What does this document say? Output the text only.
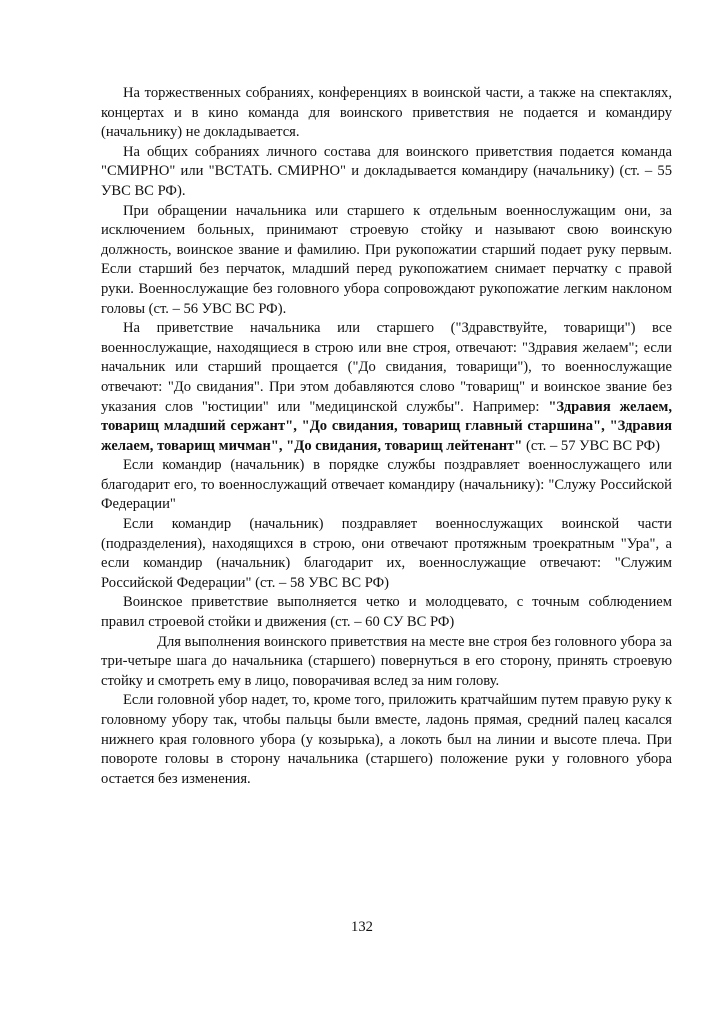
На торжественных собраниях, конференциях в воинской части, а также на спектаклях, концертах и в кино команда для воинского приветствия не подается и командиру (начальнику) не докладывается.

На общих собраниях личного состава для воинского приветствия подается команда "СМИРНО" или "ВСТАТЬ. СМИРНО" и докладывается командиру (начальнику) (ст. – 55 УВС ВС РФ).

При обращении начальника или старшего к отдельным военнослужащим они, за исключением больных, принимают строевую стойку и называют свою воинскую должность, воинское звание и фамилию. При рукопожатии старший подает руку первым. Если старший без перчаток, младший перед рукопожатием снимает перчатку с правой руки. Военнослужащие без головного убора сопровождают рукопожатие легким наклоном головы (ст. – 56 УВС ВС РФ).

На приветствие начальника или старшего ("Здравствуйте, товарищи") все военнослужащие, находящиеся в строю или вне строя, отвечают: "Здравия желаем"; если начальник или старший прощается ("До свидания, товарищи"), то военнослужащие отвечают: "До свидания". При этом добавляются слово "товарищ" и воинское звание без указания слов "юстиции" или "медицинской службы". Например: "Здравия желаем, товарищ младший сержант", "До свидания, товарищ главный старшина", "Здравия желаем, товарищ мичман", "До свидания, товарищ лейтенант" (ст. – 57 УВС ВС РФ)

Если командир (начальник) в порядке службы поздравляет военнослужащего или благодарит его, то военнослужащий отвечает командиру (начальнику): "Служу Российской Федерации"

Если командир (начальник) поздравляет военнослужащих воинской части (подразделения), находящихся в строю, они отвечают протяжным троекратным "Ура", а если командир (начальник) благодарит их, военнослужащие отвечают: "Служим Российской Федерации" (ст. – 58 УВС ВС РФ)

Воинское приветствие выполняется четко и молодцевато, с точным соблюдением правил строевой стойки и движения (ст. – 60 СУ ВС РФ)

Для выполнения воинского приветствия на месте вне строя без головного убора за три-четыре шага до начальника (старшего) повернуться в его сторону, принять строевую стойку и смотреть ему в лицо, поворачивая вслед за ним голову.

Если головной убор надет, то, кроме того, приложить кратчайшим путем правую руку к головному убору так, чтобы пальцы были вместе, ладонь прямая, средний палец касался нижнего края головного убора (у козырька), а локоть был на линии и высоте плеча. При повороте головы в сторону начальника (старшего) положение руки у головного убора остается без изменения.

132
